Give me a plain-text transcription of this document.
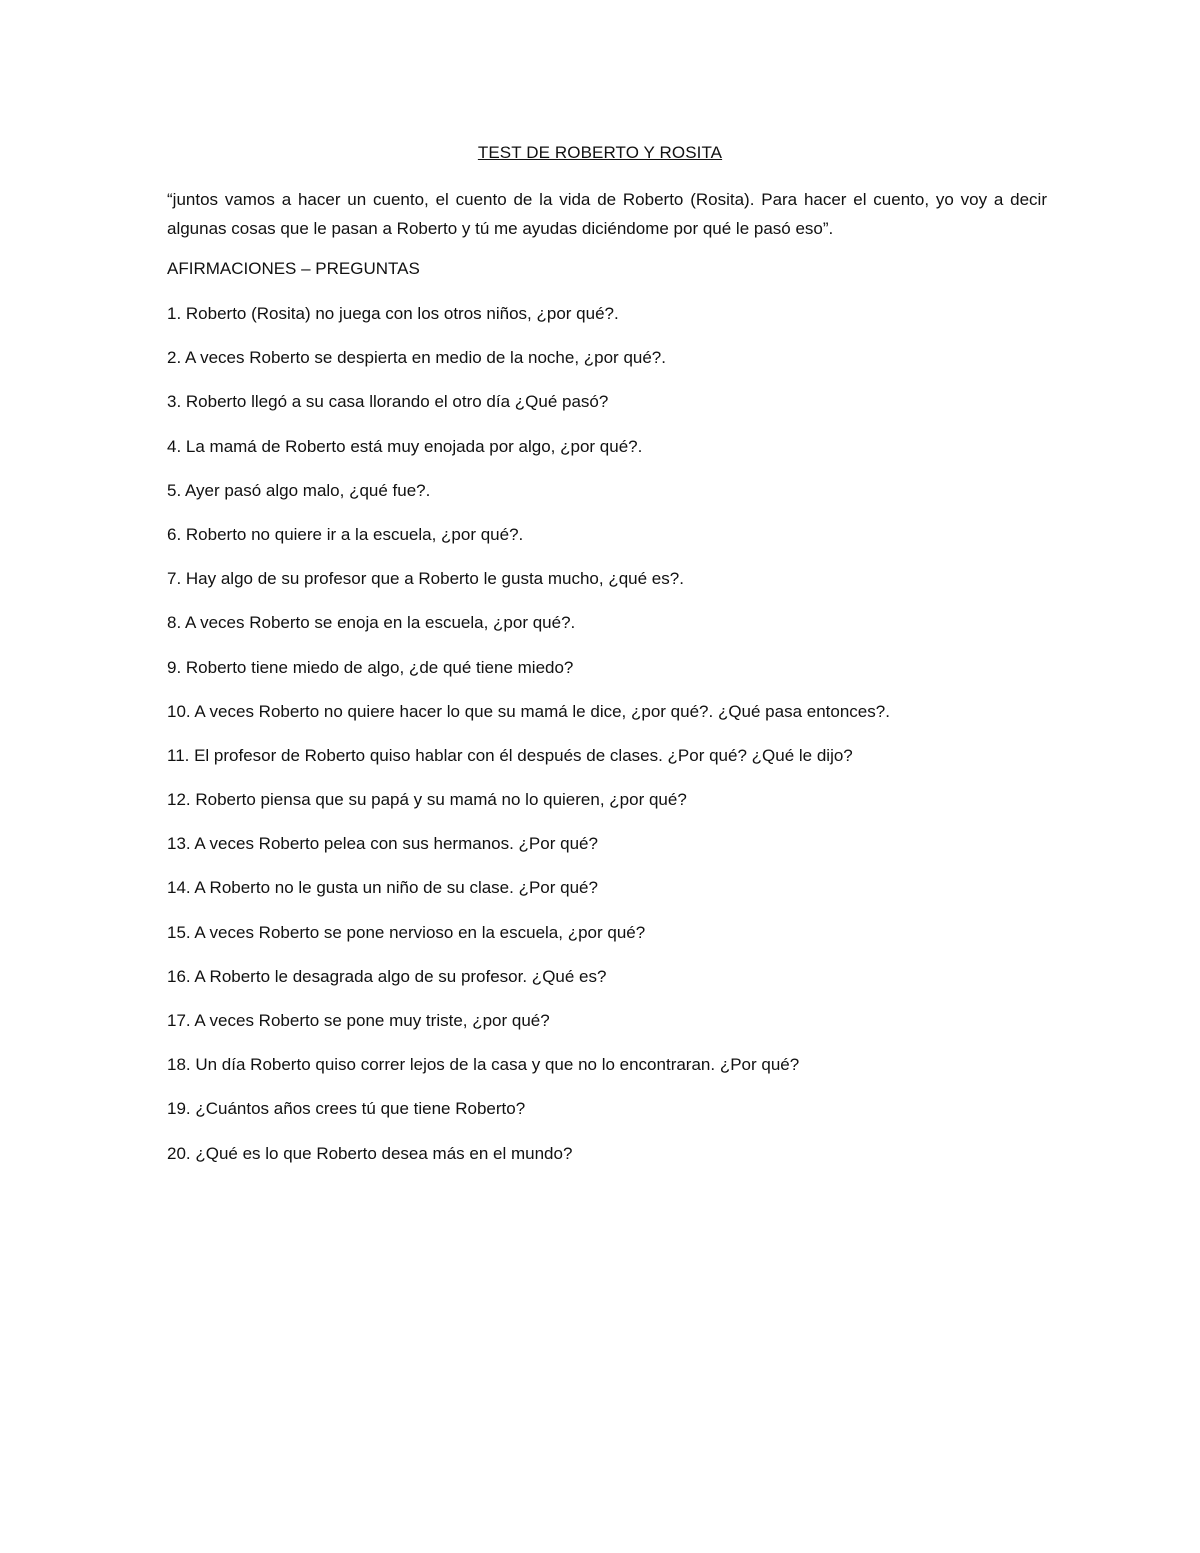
TEST DE ROBERTO Y ROSITA
“juntos vamos a hacer un cuento, el cuento de la vida de Roberto (Rosita). Para hacer el cuento, yo voy a decir algunas cosas que le pasan a Roberto y tú me ayudas diciéndome por qué le pasó eso”.
AFIRMACIONES – PREGUNTAS
1. Roberto (Rosita) no juega con los otros niños, ¿por qué?.
2. A veces Roberto se despierta en medio de la noche, ¿por qué?.
3. Roberto llegó a su casa llorando el otro día ¿Qué pasó?
4. La mamá de Roberto está muy enojada por algo, ¿por qué?.
5. Ayer pasó algo malo, ¿qué fue?.
6. Roberto no quiere ir a la escuela, ¿por qué?.
7. Hay algo de su profesor que a Roberto le gusta mucho, ¿qué es?.
8. A veces Roberto se enoja en la escuela, ¿por qué?.
9. Roberto tiene miedo de algo, ¿de qué tiene miedo?
10. A veces Roberto no quiere hacer lo que su mamá le dice, ¿por qué?. ¿Qué pasa entonces?.
11. El profesor de Roberto quiso hablar con él después de clases. ¿Por qué? ¿Qué le dijo?
12. Roberto piensa que su papá y su mamá no lo quieren, ¿por qué?
13. A veces Roberto pelea con sus hermanos. ¿Por qué?
14. A Roberto no le gusta un niño de su clase. ¿Por qué?
15. A veces Roberto se pone nervioso en la escuela, ¿por qué?
16. A Roberto le desagrada algo de su profesor. ¿Qué es?
17. A veces Roberto se pone muy triste, ¿por qué?
18. Un día Roberto quiso correr lejos de la casa y que no lo encontraran. ¿Por qué?
19. ¿Cuántos años crees tú que tiene Roberto?
20. ¿Qué es lo que Roberto desea más en el mundo?
